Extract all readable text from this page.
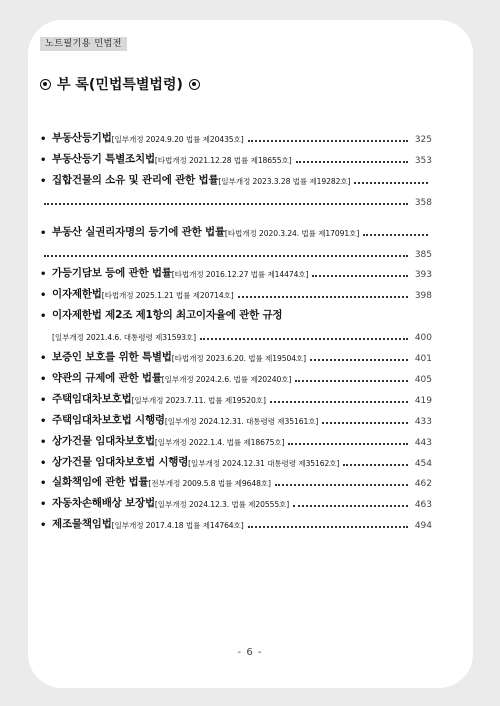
노트필기용 민법전
부 록(민법특별법령)
• 부동산등기법 [일부개정 2024.9.20 법률 제20435호]	325
• 부동산등기 특별조치법 [타법개정 2021.12.28 법률 제18655호]	353
• 집합건물의 소유 및 관리에 관한 법률 [일부개정 2023.3.28 법률 제19282호]
358
• 부동산 실권리자명의 등기에 관한 법률 [타법개정 2020.3.24. 법률 제17091호]
385
• 가등기담보 등에 관한 법률 [타법개정 2016.12.27 법률 제14474호]	393
• 이자제한법 [타법개정 2025.1.21 법률 제20714호]	398
• 이자제한법 제2조 제1항의 최고이자율에 관한 규정
[일부개정 2021.4.6. 대통령령 제31593호]	400
• 보증인 보호를 위한 특별법 [타법개정 2023.6.20. 법률 제19504호]	401
• 약관의 규제에 관한 법률 [일부개정 2024.2.6. 법률 제20240호]	405
• 주택임대차보호법 [일부개정 2023.7.11. 법률 제19520호]	419
• 주택임대차보호법 시행령 [일부개정 2024.12.31. 대통령령 제35161호]	433
• 상가건물 임대차보호법 [일부개정 2022.1.4. 법률 제18675호]	443
• 상가건물 임대차보호법 시행령 [일부개정 2024.12.31 대통령령 제35162호]	454
• 실화책임에 관한 법률 [전부개정 2009.5.8 법률 제9648호]	462
• 자동차손해배상 보장법 [일부개정 2024.12.3. 법률 제20555호]	463
• 제조물책임법 [일부개정 2017.4.18 법률 제14764호]	494
- 6 -
